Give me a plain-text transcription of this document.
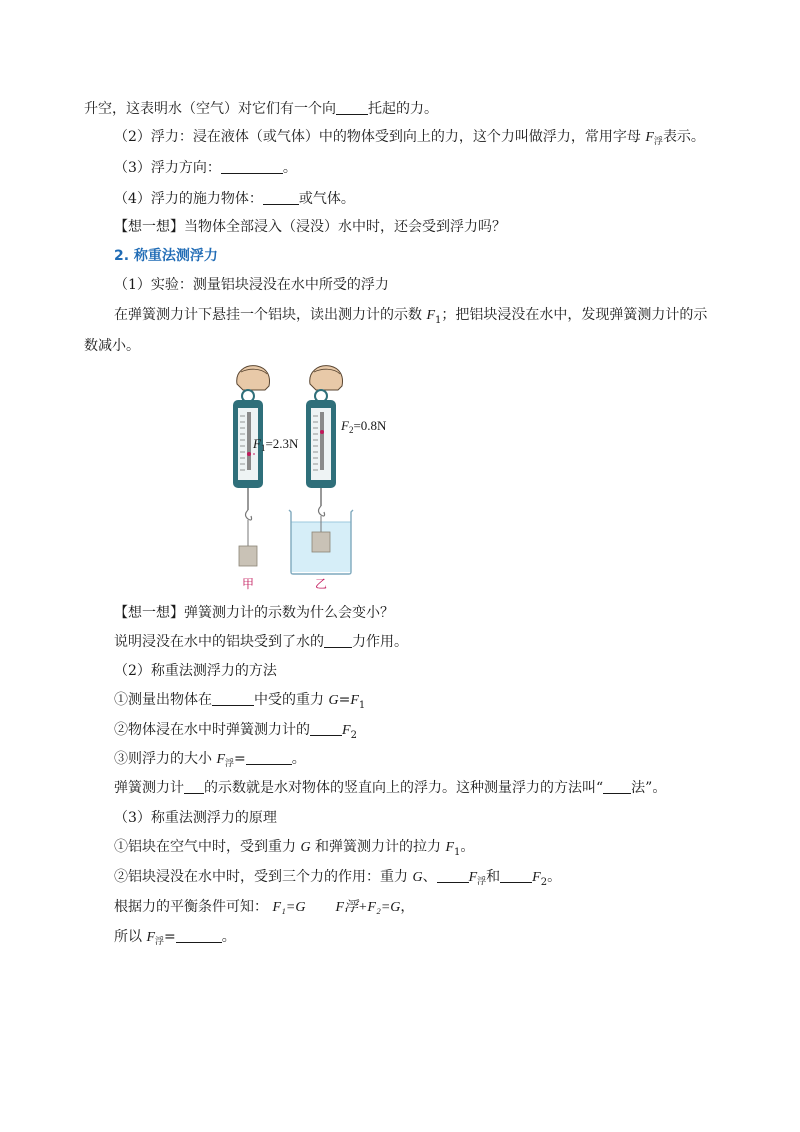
升空，这表明水（空气）对它们有一个向 托起的力。
（2）浮力：浸在液体（或气体）中的物体受到向上的力，这个力叫做浮力，常用字母 $F_浮$表示。
（3）浮力方向：	。
（4）浮力的施力物体：	或气体。
【想一想】当物体全部浸入（浸没）水中时，还会受到浮力吗？
2. 称重法测浮力
（1）实验：测量铝块浸没在水中所受的浮力
在弹簧测力计下悬挂一个铝块，读出测力计的示数 $F_1$；把铝块浸没在水中，发现弹簧测力计的示
数减小。
$F_1=2.3N$
甲
$F_2=0.8N$
乙
【想一想】弹簧测力计的示数为什么会变小？
说明浸没在水中的铝块受到了水的 力作用。
（2）称重法测浮力的方法
①测量出物体在	中受的重力 $G=F_1$
②物体浸在水中时弹簧测力计的 $F_2$
③则浮力的大小 $F_浮=$	。
弹簧测力计 的示数就是水对物体的竖直向上的浮力。这种测量浮力的方法叫“ 法”。
（3）称重法测浮力的原理
①铝块在空气中时，受到重力 G 和弹簧测力计的拉力 $F_1$。
②铝块浸没在水中时，受到三个力的作用：重力 G、 $F_浮$和 $F_2$。
根据力的平衡条件可知： F₁=G F浮+F₂=G，
所以 $F_浮=$	。
